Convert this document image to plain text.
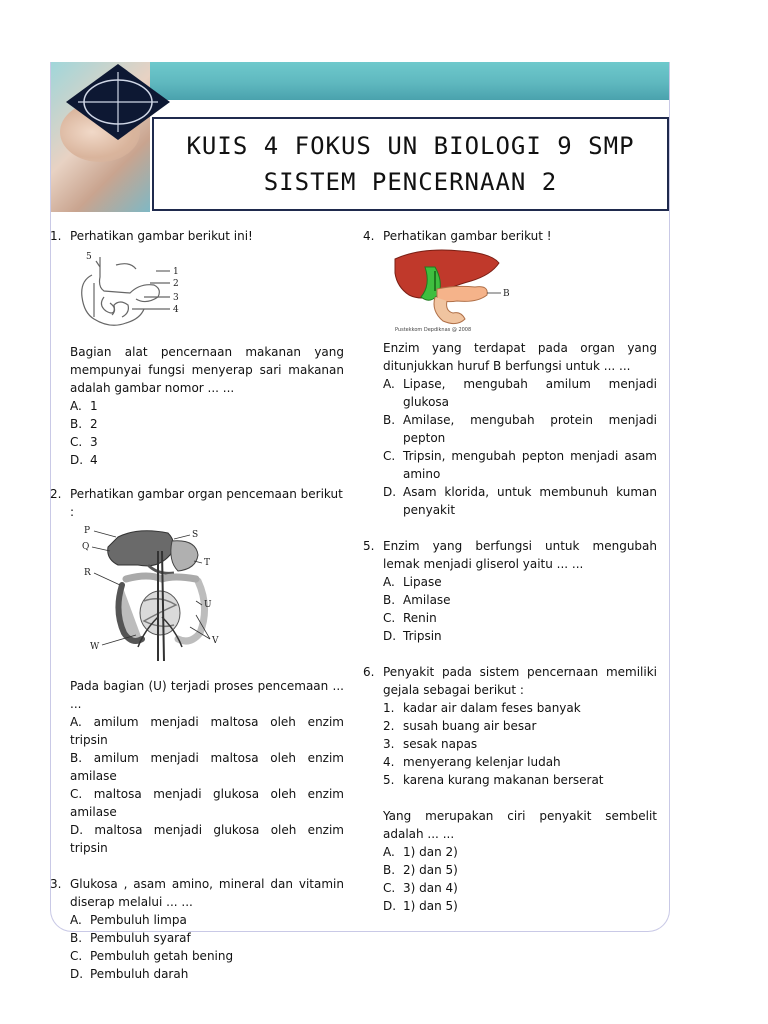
KUIS 4 FOKUS UN BIOLOGI 9 SMP
SISTEM PENCERNAAN 2
1. Perhatikan gambar berikut ini!
5
1
2
3
4
Bagian alat pencernaan makanan yang mempunyai fungsi menyerap sari makanan adalah gambar nomor ... ...
A. 1
B. 2
C. 3
D. 4
2. Perhatikan gambar organ pencemaan berikut :
P
Q
R
S
T
U
V
W
Pada bagian (U) terjadi proses pencemaan ... ...
A. amilum menjadi maltosa oleh enzim tripsin
B. amilum menjadi maltosa oleh enzim amilase
C. maltosa menjadi glukosa oleh enzim amilase
D. maltosa menjadi glukosa oleh enzim tripsin
3. Glukosa , asam amino, mineral dan vitamin diserap melalui ... ...
A. Pembuluh limpa
B. Pembuluh syaraf
C. Pembuluh getah bening
D. Pembuluh darah
4. Perhatikan gambar berikut !
B
Pustekkom Depdiknas @ 2008
Enzim yang terdapat pada organ yang ditunjukkan huruf B berfungsi untuk ... ...
A. Lipase, mengubah amilum menjadi glukosa
B. Amilase, mengubah protein menjadi pepton
C. Tripsin, mengubah pepton menjadi asam amino
D. Asam klorida, untuk membunuh kuman penyakit
5. Enzim yang berfungsi untuk mengubah lemak menjadi gliserol yaitu ... ...
A. Lipase
B. Amilase
C. Renin
D. Tripsin
6. Penyakit pada sistem pencernaan memiliki gejala sebagai berikut :
1. kadar air dalam feses banyak
2. susah buang air besar
3. sesak napas
4. menyerang kelenjar ludah
5. karena kurang makanan berserat
Yang merupakan ciri penyakit sembelit adalah ... ...
A. 1) dan 2)
B. 2) dan 5)
C. 3) dan 4)
D. 1) dan 5)
